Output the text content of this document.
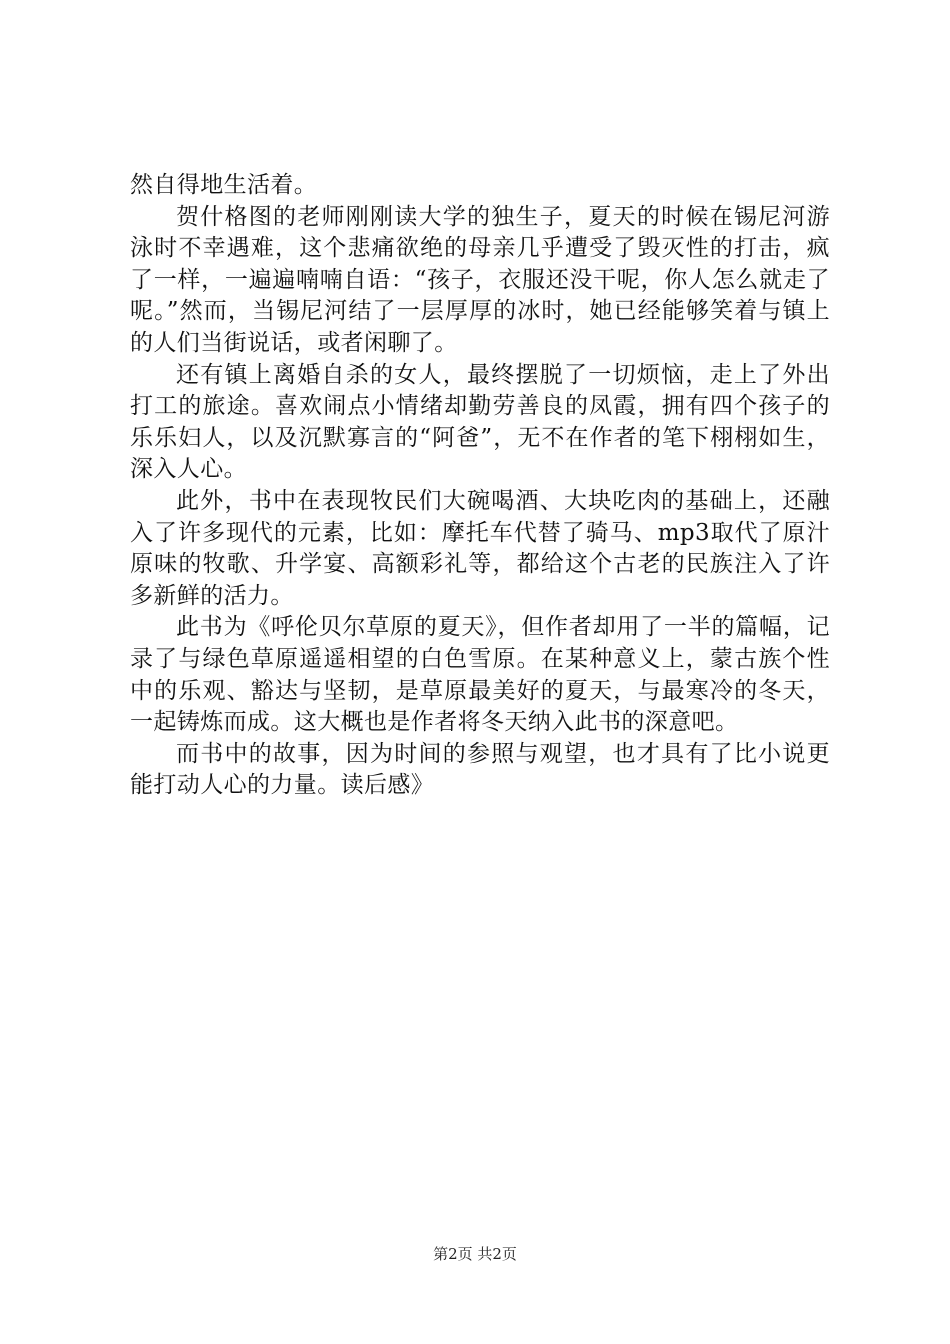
然自得地生活着。

贺什格图的老师刚刚读大学的独生子，夏天的时候在锡尼河游泳时不幸遇难，这个悲痛欲绝的母亲几乎遭受了毁灭性的打击，疯了一样，一遍遍喃喃自语：“孩子，衣服还没干呢，你人怎么就走了呢。”然而，当锡尼河结了一层厚厚的冰时，她已经能够笑着与镇上的人们当街说话，或者闲聊了。

还有镇上离婚自杀的女人，最终摆脱了一切烦恼，走上了外出打工的旅途。喜欢闹点小情绪却勤劳善良的凤霞，拥有四个孩子的乐乐妇人，以及沉默寡言的“阿爸”，无不在作者的笔下栩栩如生，深入人心。

此外，书中在表现牧民们大碗喝酒、大块吃肉的基础上，还融入了许多现代的元素，比如：摩托车代替了骑马、mp3取代了原汁原味的牧歌、升学宴、高额彩礼等，都给这个古老的民族注入了许多新鲜的活力。

此书为《呼伦贝尔草原的夏天》，但作者却用了一半的篇幅，记录了与绿色草原遥遥相望的白色雪原。在某种意义上，蒙古族个性中的乐观、豁达与坚韧，是草原最美好的夏天，与最寒冷的冬天，一起铸炼而成。这大概也是作者将冬天纳入此书的深意吧。

而书中的故事，因为时间的参照与观望，也才具有了比小说更能打动人心的力量。读后感》

第2页 共2页
